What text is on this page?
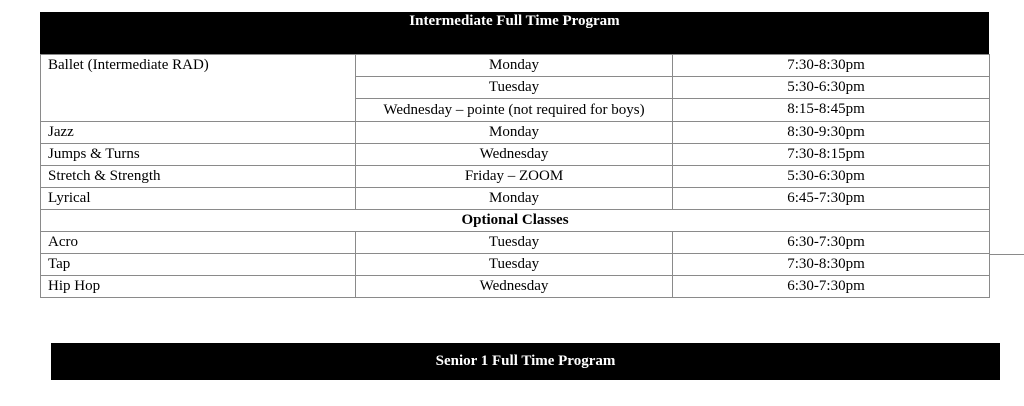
Intermediate Full Time Program
Ballet (Intermediate RAD)	Monday	7:30-8:30pm
	Tuesday	5:30-6:30pm

	Wednesday – pointe (not required for boys)	8:15-8:45pm
Jazz	Monday	8:30-9:30pm
Jumps & Turns	Wednesday	7:30-8:15pm
Stretch & Strength	Friday – ZOOM	5:30-6:30pm
Lyrical	Monday	6:45-7:30pm
Optional Classes		
Acro	Tuesday	6:30-7:30pm
Tap	Tuesday	7:30-8:30pm
Hip Hop	Wednesday	6:30-7:30pm
Senior 1 Full Time Program
